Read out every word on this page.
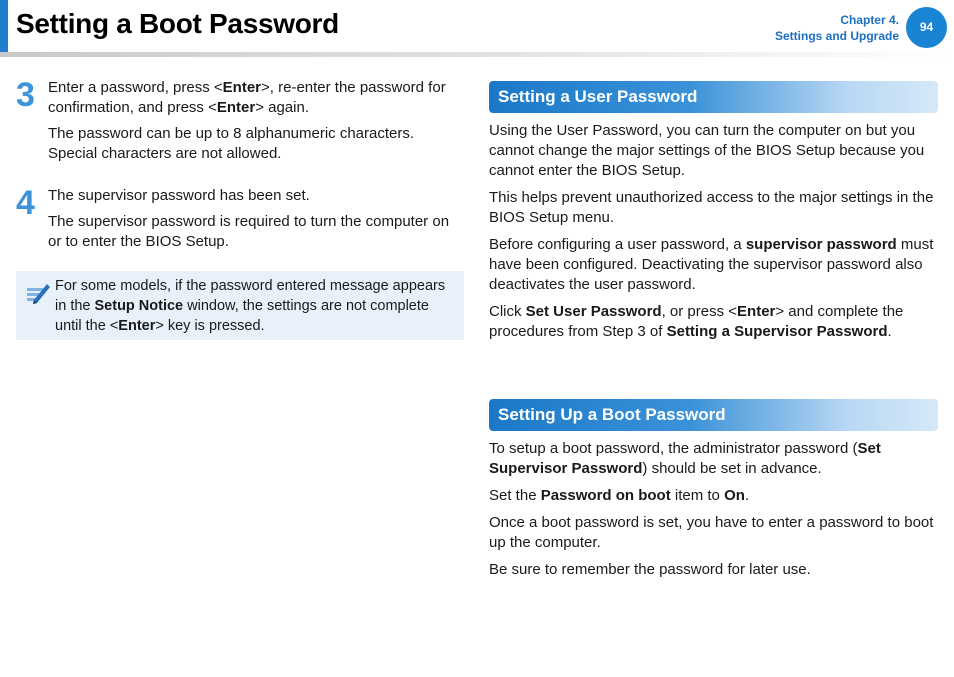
Setting a Boot Password	Chapter 4.
Settings and Upgrade
94
3 Enter a password, press <Enter>, re-enter the password for confirmation, and press <Enter> again.

The password can be up to 8 alphanumeric characters. Special characters are not allowed.

4 The supervisor password has been set.

The supervisor password is required to turn the computer on or to enter the BIOS Setup.

For some models, if the password entered message appears in the Setup Notice window, the settings are not complete until the <Enter> key is pressed.

Setting a User Password

Using the User Password, you can turn the computer on but you cannot change the major settings of the BIOS Setup because you cannot enter the BIOS Setup.

This helps prevent unauthorized access to the major settings in the BIOS Setup menu.

Before configuring a user password, a supervisor password must have been configured. Deactivating the supervisor password also deactivates the user password.

Click Set User Password, or press <Enter> and complete the procedures from Step 3 of Setting a Supervisor Password.

Setting Up a Boot Password

To setup a boot password, the administrator password (Set Supervisor Password) should be set in advance.

Set the Password on boot item to On.

Once a boot password is set, you have to enter a password to boot up the computer.

Be sure to remember the password for later use.
